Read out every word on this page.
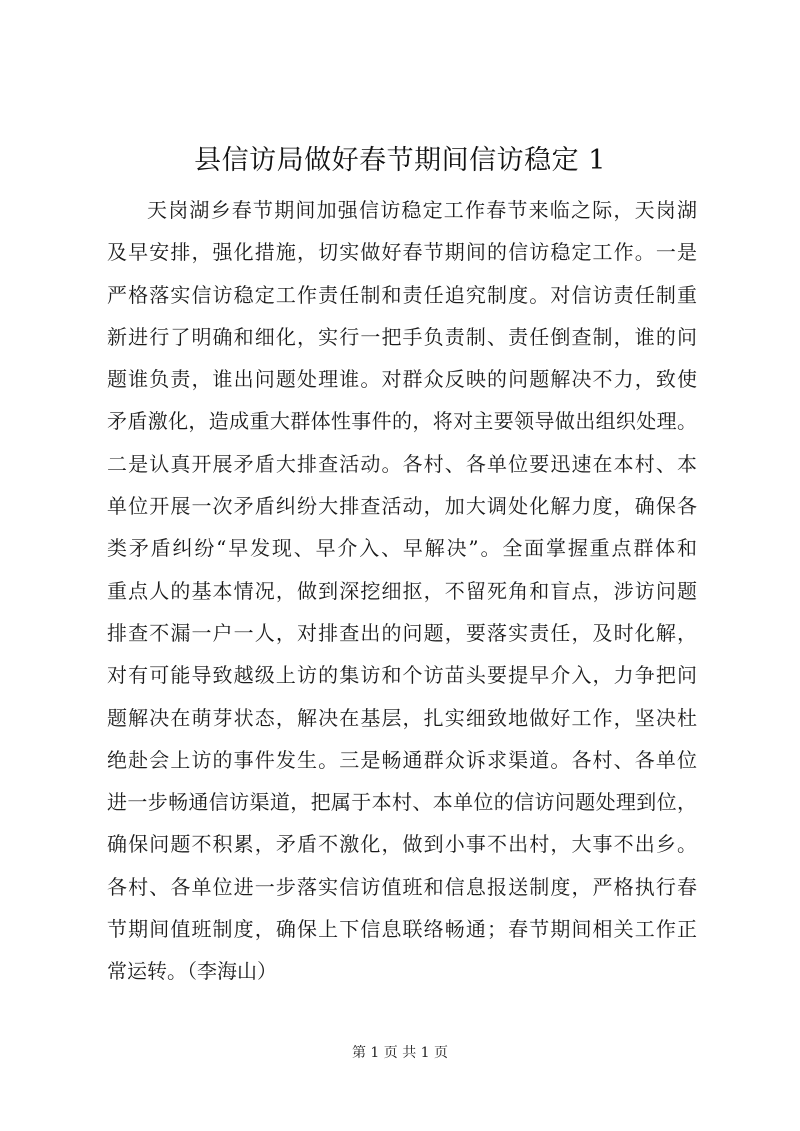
县信访局做好春节期间信访稳定 1
天岗湖乡春节期间加强信访稳定工作春节来临之际，天岗湖
及早安排，强化措施，切实做好春节期间的信访稳定工作。一是
严格落实信访稳定工作责任制和责任追究制度。对信访责任制重
新进行了明确和细化，实行一把手负责制、责任倒查制，谁的问
题谁负责，谁出问题处理谁。对群众反映的问题解决不力，致使
矛盾激化，造成重大群体性事件的，将对主要领导做出组织处理。
二是认真开展矛盾大排查活动。各村、各单位要迅速在本村、本
单位开展一次矛盾纠纷大排查活动，加大调处化解力度，确保各
类矛盾纠纷“早发现、早介入、早解决”。全面掌握重点群体和
重点人的基本情况，做到深挖细抠，不留死角和盲点，涉访问题
排查不漏一户一人，对排查出的问题，要落实责任，及时化解，
对有可能导致越级上访的集访和个访苗头要提早介入，力争把问
题解决在萌芽状态，解决在基层，扎实细致地做好工作，坚决杜
绝赴会上访的事件发生。三是畅通群众诉求渠道。各村、各单位
进一步畅通信访渠道，把属于本村、本单位的信访问题处理到位，
确保问题不积累，矛盾不激化，做到小事不出村，大事不出乡。
各村、各单位进一步落实信访值班和信息报送制度，严格执行春
节期间值班制度，确保上下信息联络畅通；春节期间相关工作正
常运转。（李海山）
第 1 页 共 1 页
